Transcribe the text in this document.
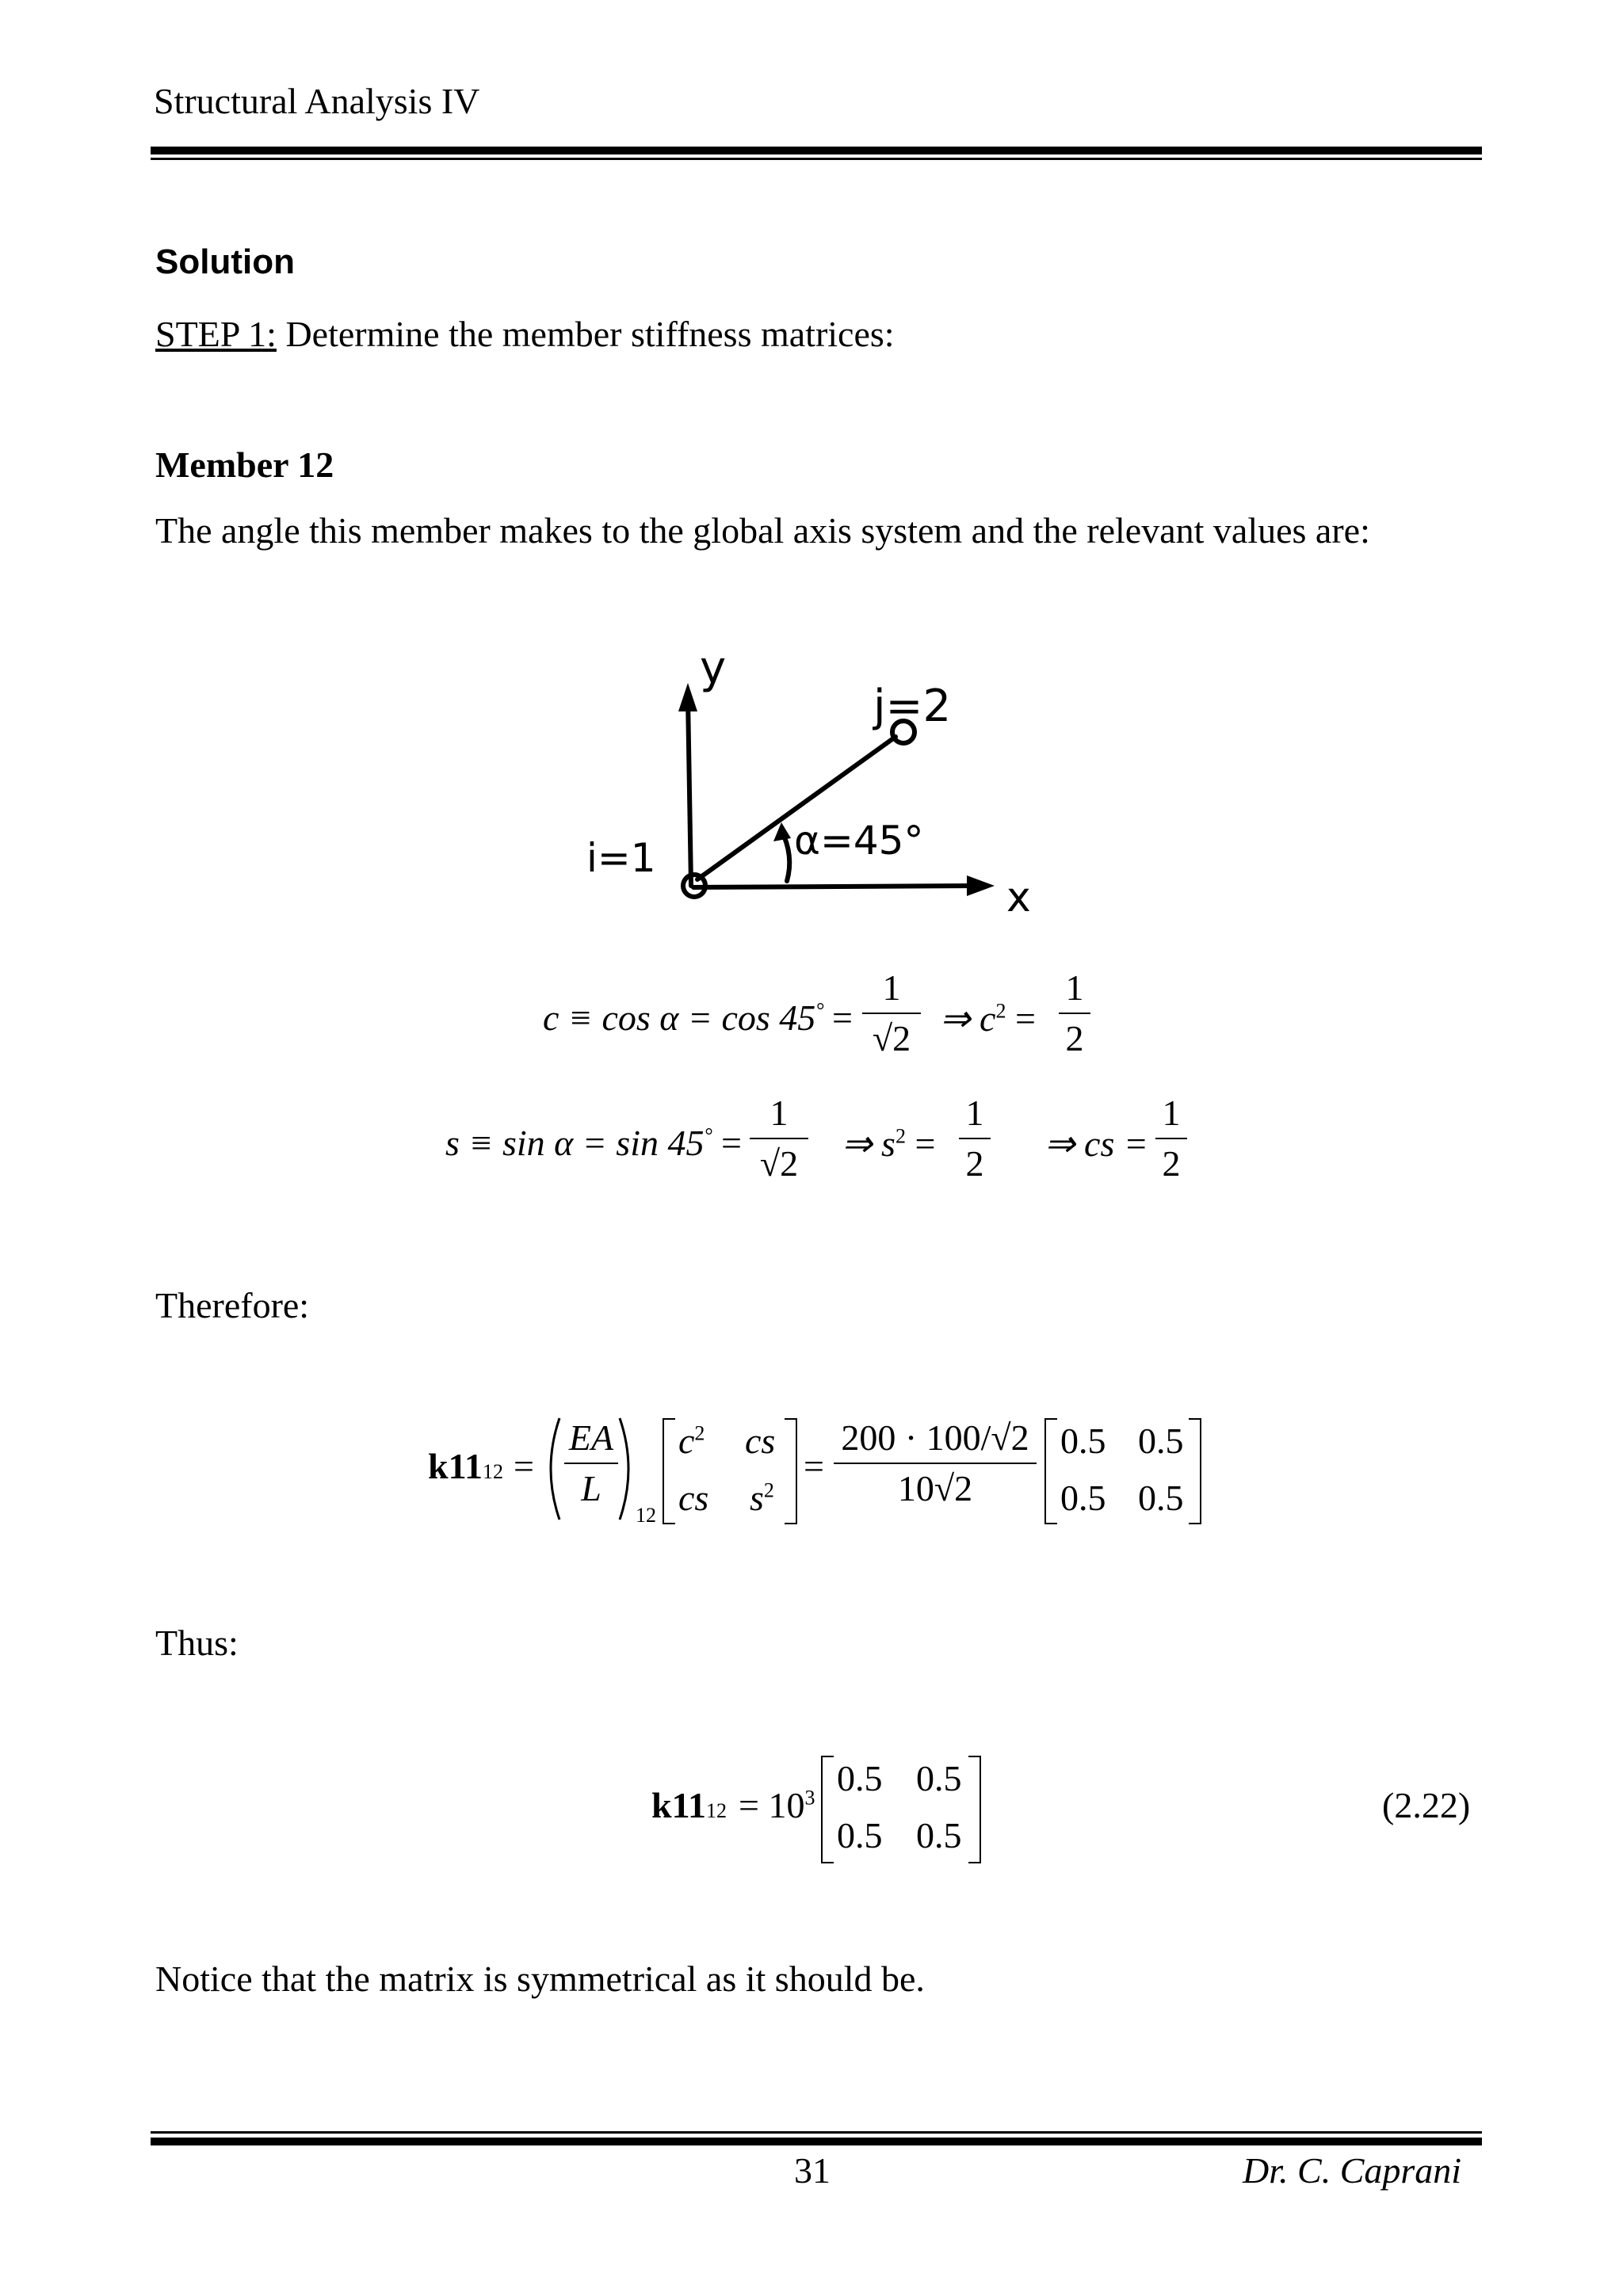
Structural Analysis IV
Solution
STEP 1: Determine the member stiffness matrices:
Member 12
The angle this member makes to the global axis system and the relevant values are:
y
x
i=1
j=2
α=45°
c ≡ cos α = cos 45° =
1
√2 ⇒ $c^2$ =
1
2
s ≡ sin α = sin 45° =
1
√2 ⇒ $s^2$ =
1
2 ⇒ cs =
1
2
Therefore:
k1112 =
EA
L
12
$c^2$ cs
cs $s^2$
=
200 · 100/√2
10√2
0.5 0.5
0.5 0.5
Thus:
$k1112 = 10^3$ 0.5 0.5
0.5 0.5
(2.22)
Notice that the matrix is symmetrical as it should be.
31	Dr. C. Caprani
